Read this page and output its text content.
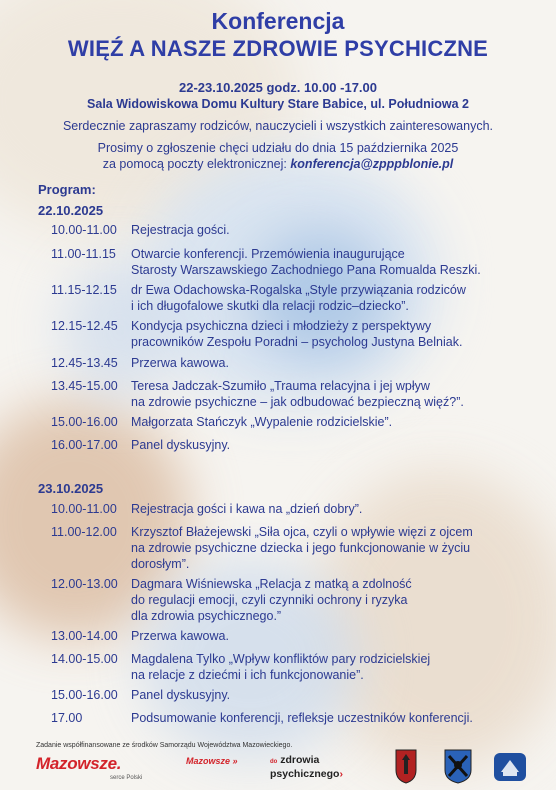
Konferencja
WIĘŹ A NASZE ZDROWIE PSYCHICZNE
22-23.10.2025 godz. 10.00 -17.00
Sala Widowiskowa Domu Kultury Stare Babice, ul. Południowa 2
Serdecznie zapraszamy rodziców, nauczycieli i wszystkich zainteresowanych.
Prosimy o zgłoszenie chęci udziału do dnia 15 października 2025
za pomocą poczty elektronicznej: konferencja@zpppblonie.pl
Program:
22.10.2025
10.00-11.00 Rejestracja gości.
11.00-11.15 Otwarcie konferencji. Przemówienia inaugurujące
Starosty Warszawskiego Zachodniego Pana Romualda Reszki.
11.15-12.15 dr Ewa Odachowska-Rogalska „Style przywiązania rodziców
i ich długofalowe skutki dla relacji rodzic–dziecko”.
12.15-12.45 Kondycja psychiczna dzieci i młodzieży z perspektywy
pracowników Zespołu Poradni – psycholog Justyna Belniak.
12.45-13.45 Przerwa kawowa.
13.45-15.00 Teresa Jadczak-Szumiło „Trauma relacyjna i jej wpływ
na zdrowie psychiczne – jak odbudować bezpieczną więź?”.
15.00-16.00 Małgorzata Stańczyk „Wypalenie rodzicielskie”.
16.00-17.00 Panel dyskusyjny.
23.10.2025
10.00-11.00 Rejestracja gości i kawa na „dzień dobry”.
11.00-12.00 Krzysztof Błażejewski „Siła ojca, czyli o wpływie więzi z ojcem
na zdrowie psychiczne dziecka i jego funkcjonowanie w życiu
dorosłym”.
12.00-13.00 Dagmara Wiśniewska „Relacja z matką a zdolność
do regulacji emocji, czyli czynniki ochrony i ryzyka
dla zdrowia psychicznego.”
13.00-14.00 Przerwa kawowa.
14.00-15.00 Magdalena Tylko „Wpływ konfliktów pary rodzicielskiej
na relacje z dziećmi i ich funkcjonowanie”.
15.00-16.00 Panel dyskusyjny.
17.00	Podsumowanie konferencji, refleksje uczestników konferencji.
Zadanie współfinansowane ze środków Samorządu Województwa Mazowieckiego.
Mazowsze.
serce Polski
Mazowsze »	do zdrowia
psychicznego›
